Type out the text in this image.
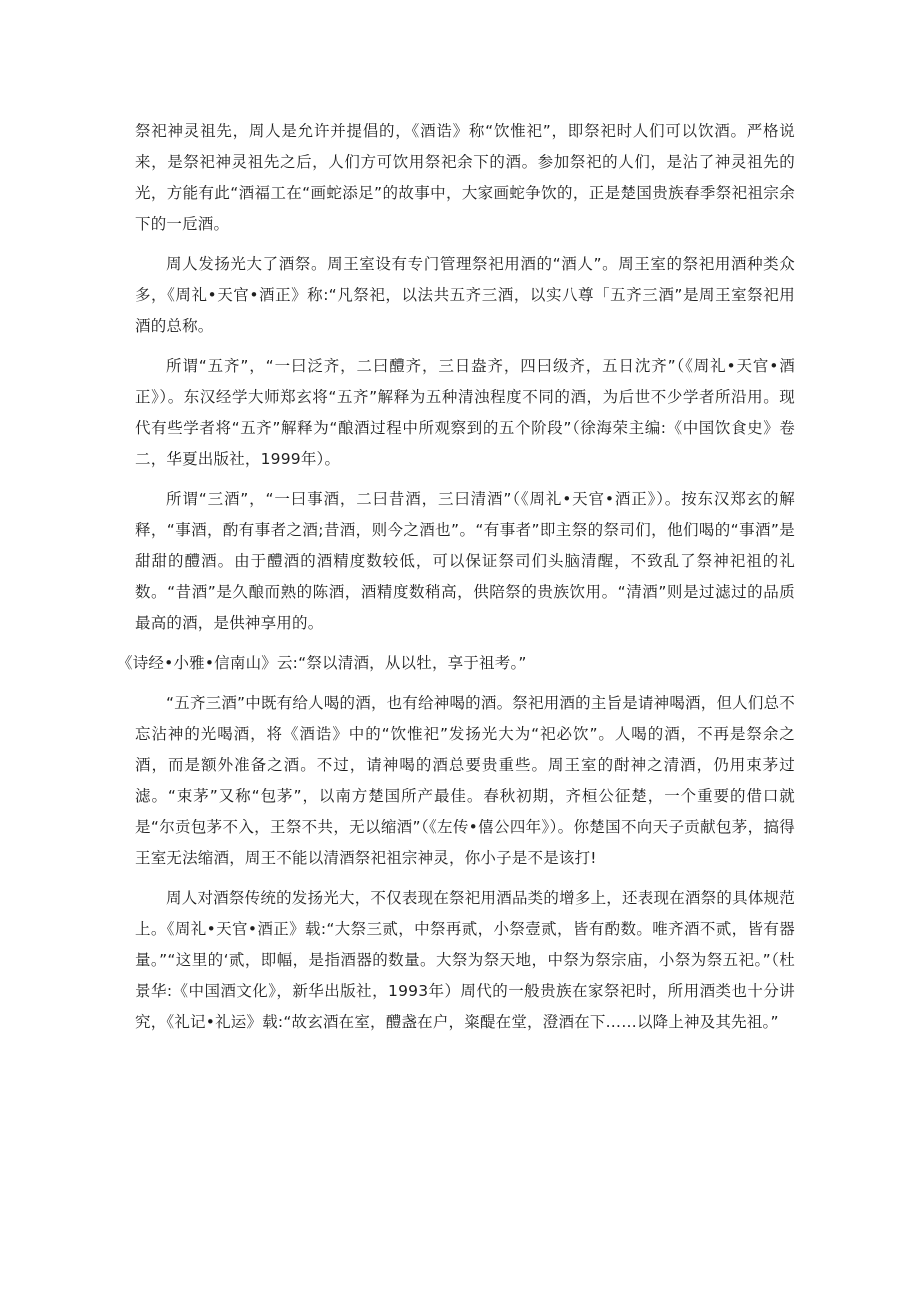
祭祀神灵祖先，周人是允许并提倡的，《酒诰》称“饮惟祀”，即祭祀时人们可以饮酒。严格说来，是祭祀神灵祖先之后，人们方可饮用祭祀余下的酒。参加祭祀的人们，是沾了神灵祖先的光，方能有此“酒福工在“画蛇添足”的故事中，大家画蛇争饮的，正是楚国贵族春季祭祀祖宗余下的一卮酒。

周人发扬光大了酒祭。周王室设有专门管理祭祀用酒的“酒人”。周王室的祭祀用酒种类众多，《周礼•天官•酒正》称:“凡祭祀，以法共五齐三酒，以实八尊「五齐三酒”是周王室祭祀用酒的总称。

所谓“五齐”，“一曰泛齐，二曰醴齐，三日盎齐，四曰级齐，五日沈齐”（《周礼•天官•酒正》）。东汉经学大师郑玄将“五齐”解释为五种清浊程度不同的酒，为后世不少学者所沿用。现代有些学者将“五齐”解释为“酿酒过程中所观察到的五个阶段”（徐海荣主编:《中国饮食史》卷二，华夏出版社，1999年）。

所谓“三酒”，“一曰事酒，二曰昔酒，三曰清酒”（《周礼•天官•酒正》）。按东汉郑玄的解释，“事酒，酌有事者之酒;昔酒，则今之酒也”。“有事者”即主祭的祭司们，他们喝的“事酒”是甜甜的醴酒。由于醴酒的酒精度数较低，可以保证祭司们头脑清醒，不致乱了祭神祀祖的礼数。“昔酒”是久酿而熟的陈酒，酒精度数稍高，供陪祭的贵族饮用。“清酒”则是过滤过的品质最高的酒，是供神享用的。

《诗经•小雅•信南山》云:“祭以清酒，从以牡，享于祖考。”

“五齐三酒”中既有给人喝的酒，也有给神喝的酒。祭祀用酒的主旨是请神喝酒，但人们总不忘沾神的光喝酒，将《酒诰》中的“饮惟祀”发扬光大为“祀必饮”。人喝的酒，不再是祭余之酒，而是额外准备之酒。不过，请神喝的酒总要贵重些。周王室的酎神之清酒，仍用束茅过滤。“束茅”又称“包茅”，以南方楚国所产最佳。春秋初期，齐桓公征楚，一个重要的借口就是“尔贡包茅不入，王祭不共，无以缩酒”（《左传•僖公四年》）。你楚国不向天子贡献包茅，搞得王室无法缩酒，周王不能以清酒祭祀祖宗神灵，你小子是不是该打!

周人对酒祭传统的发扬光大，不仅表现在祭祀用酒品类的增多上，还表现在酒祭的具体规范上。《周礼•天官•酒正》载:“大祭三贰，中祭再贰，小祭壹贰，皆有酌数。唯齐酒不贰，皆有器量。”“这里的‘贰，即幅，是指酒器的数量。大祭为祭天地，中祭为祭宗庙，小祭为祭五祀。”（杜景华:《中国酒文化》，新华出版社，1993年）周代的一般贵族在家祭祀时，所用酒类也十分讲究，《礼记•礼运》载:“故玄酒在室，醴盏在户，粢醍在堂，澄酒在下……以降上神及其先祖。”
